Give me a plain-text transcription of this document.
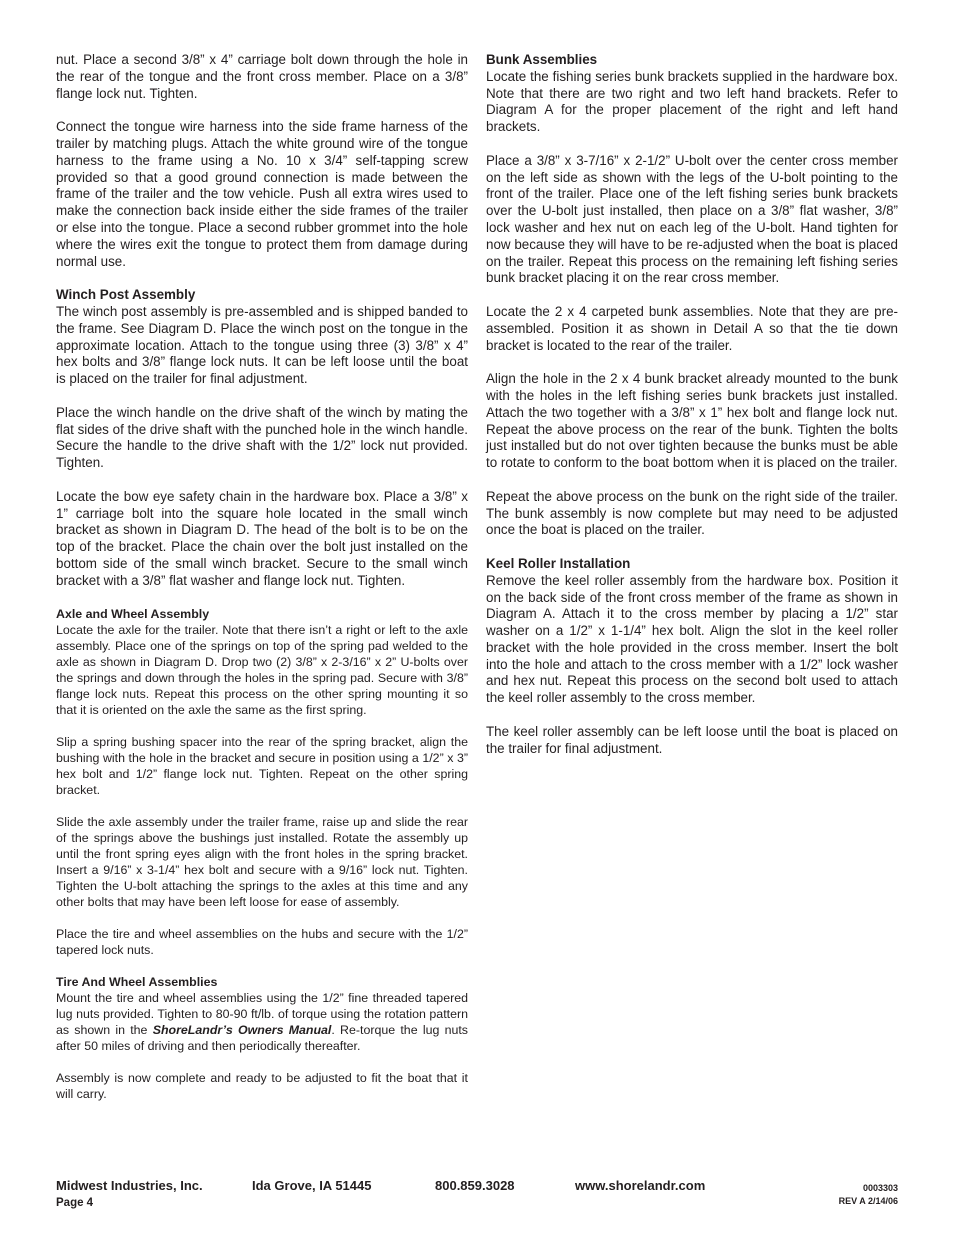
nut. Place a second 3/8” x 4” carriage bolt down through the hole in the rear of the tongue and the front cross member. Place on a 3/8” flange lock nut. Tighten.

Connect the tongue wire harness into the side frame harness of the trailer by matching plugs. Attach the white ground wire of the tongue harness to the frame using a No. 10 x 3/4” self-tapping screw provided so that a good ground connection is made between the frame of the trailer and the tow vehicle. Push all extra wires used to make the connection back inside either the side frames of the trailer or else into the tongue. Place a second rubber grommet into the hole where the wires exit the tongue to protect them from damage during normal use.

Winch Post Assembly

The winch post assembly is pre-assembled and is shipped banded to the frame. See Diagram D. Place the winch post on the tongue in the approximate location. Attach to the tongue using three (3) 3/8” x 4” hex bolts and 3/8” flange lock nuts. It can be left loose until the boat is placed on the trailer for final adjustment.

Place the winch handle on the drive shaft of the winch by mating the flat sides of the drive shaft with the punched hole in the winch handle. Secure the handle to the drive shaft with the 1/2” lock nut provided. Tighten.

Locate the bow eye safety chain in the hardware box. Place a 3/8” x 1” carriage bolt into the square hole located in the small winch bracket as shown in Diagram D. The head of the bolt is to be on the top of the bracket. Place the chain over the bolt just installed on the bottom side of the small winch bracket. Secure to the small winch bracket with a 3/8” flat washer and flange lock nut. Tighten.

Axle and Wheel Assembly

Locate the axle for the trailer. Note that there isn’t a right or left to the axle assembly. Place one of the springs on top of the spring pad welded to the axle as shown in Diagram D. Drop two (2) 3/8” x 2-3/16” x 2” U-bolts over the springs and down through the holes in the spring pad. Secure with 3/8” flange lock nuts. Repeat this process on the other spring mounting it so that it is oriented on the axle the same as the first spring.

Slip a spring bushing spacer into the rear of the spring bracket, align the bushing with the hole in the bracket and secure in position using a 1/2” x 3” hex bolt and 1/2” flange lock nut. Tighten. Repeat on the other spring bracket.

Slide the axle assembly under the trailer frame, raise up and slide the rear of the springs above the bushings just installed. Rotate the assembly up until the front spring eyes align with the front holes in the spring bracket. Insert a 9/16” x 3-1/4” hex bolt and secure with a 9/16” lock nut. Tighten. Tighten the U-bolt attaching the springs to the axles at this time and any other bolts that may have been left loose for ease of assembly.

Place the tire and wheel assemblies on the hubs and secure with the 1/2” tapered lock nuts.

Tire And Wheel Assemblies

Mount the tire and wheel assemblies using the 1/2” fine threaded tapered lug nuts provided. Tighten to 80-90 ft/lb. of torque using the rotation pattern as shown in the ShoreLandr’s Owners Manual. Re-torque the lug nuts after 50 miles of driving and then periodically thereafter.

Assembly is now complete and ready to be adjusted to fit the boat that it will carry.

Bunk Assemblies

Locate the fishing series bunk brackets supplied in the hardware box. Note that there are two right and two left hand brackets. Refer to Diagram A for the proper placement of the right and left hand brackets.

Place a 3/8” x 3-7/16” x 2-1/2” U-bolt over the center cross member on the left side as shown with the legs of the U-bolt pointing to the front of the trailer. Place one of the left fishing series bunk brackets over the U-bolt just installed, then place on a 3/8” flat washer, 3/8” lock washer and hex nut on each leg of the U-bolt. Hand tighten for now because they will have to be re-adjusted when the boat is placed on the trailer. Repeat this process on the remaining left fishing series bunk bracket placing it on the rear cross member.

Locate the 2 x 4 carpeted bunk assemblies. Note that they are pre-assembled. Position it as shown in Detail A so that the tie down bracket is located to the rear of the trailer.

Align the hole in the 2 x 4 bunk bracket already mounted to the bunk with the holes in the left fishing series bunk brackets just installed. Attach the two together with a 3/8” x 1” hex bolt and flange lock nut. Repeat the above process on the rear of the bunk. Tighten the bolts just installed but do not over tighten because the bunks must be able to rotate to conform to the boat bottom when it is placed on the trailer.

Repeat the above process on the bunk on the right side of the trailer. The bunk assembly is now complete but may need to be adjusted once the boat is placed on the trailer.

Keel Roller Installation

Remove the keel roller assembly from the hardware box. Position it on the back side of the front cross member of the frame as shown in Diagram A. Attach it to the cross member by placing a 1/2” star washer on a 1/2” x 1-1/4” hex bolt. Align the slot in the keel roller bracket with the hole provided in the cross member. Insert the bolt into the hole and attach to the cross member with a 1/2” lock washer and hex nut. Repeat this process on the second bolt used to attach the keel roller assembly to the cross member.

The keel roller assembly can be left loose until the boat is placed on the trailer for final adjustment.

Midwest Industries, Inc.	Ida Grove, IA 51445	800.859.3028	www.shorelandr.com
Page 4
0003303
REV A 2/14/06
